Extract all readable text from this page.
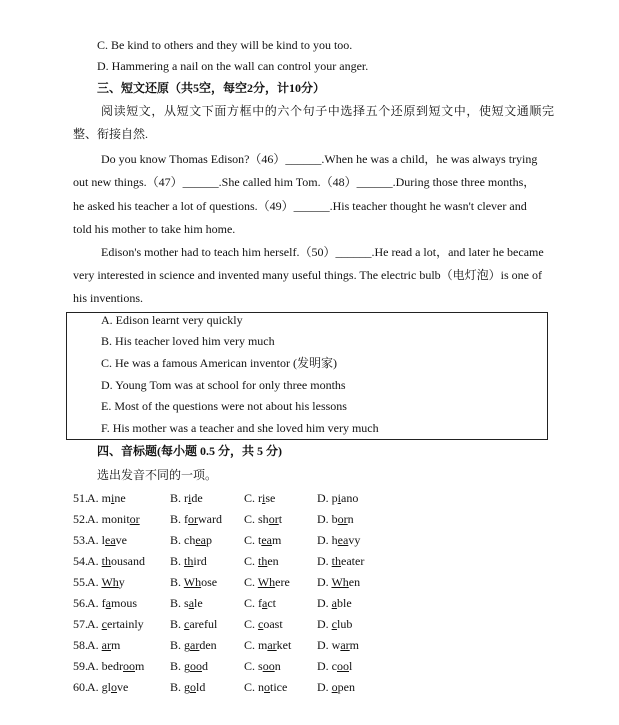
C. Be kind to others and they will be kind to you too.
D. Hammering a nail on the wall can control your anger.
三、短文还原（共5空，每空2分，计10分）
阅读短文，从短文下面方框中的六个句子中选择五个还原到短文中，使短文通顺完
整、衔接自然.
Do you know Thomas Edison?（46）______.When he was a child，he was always trying
out new things.（47）______.She called him Tom.（48）______.During those three months，
he asked his teacher a lot of questions.（49）______.His teacher thought he wasn't clever and
told his mother to take him home.
Edison's mother had to teach him herself.（50）______.He read a lot，and later he became
very interested in science and invented many useful things. The electric bulb（电灯泡）is one of
his inventions.
A. Edison learnt very quickly
B. His teacher loved him very much
C. He was a famous American inventor (发明家)
D. Young Tom was at school for only three months
E. Most of the questions were not about his lessons
F. His mother was a teacher and she loved him very much
四、音标题(每小题 0.5 分，共 5 分)
选出发音不同的一项。
51. A. mine	B. ride	C. rise	D. piano
52. A. monitor	B. forward C. short	D. born
53. A. leave	B. cheap	C. team	D. heavy
54. A. thousand B. third	C. then	D. theater
55. A. Why	B. Whose C. Where D. When
56. A. famous	B. sale	C. fact	D. able
57. A. certainly B. careful C. coast	D. club
58. A. arm	B. garden C. market D. warm
59. A. bedroom B. good	C. soon	D. cool
60. A. glove	B. gold	C. notice D. open
